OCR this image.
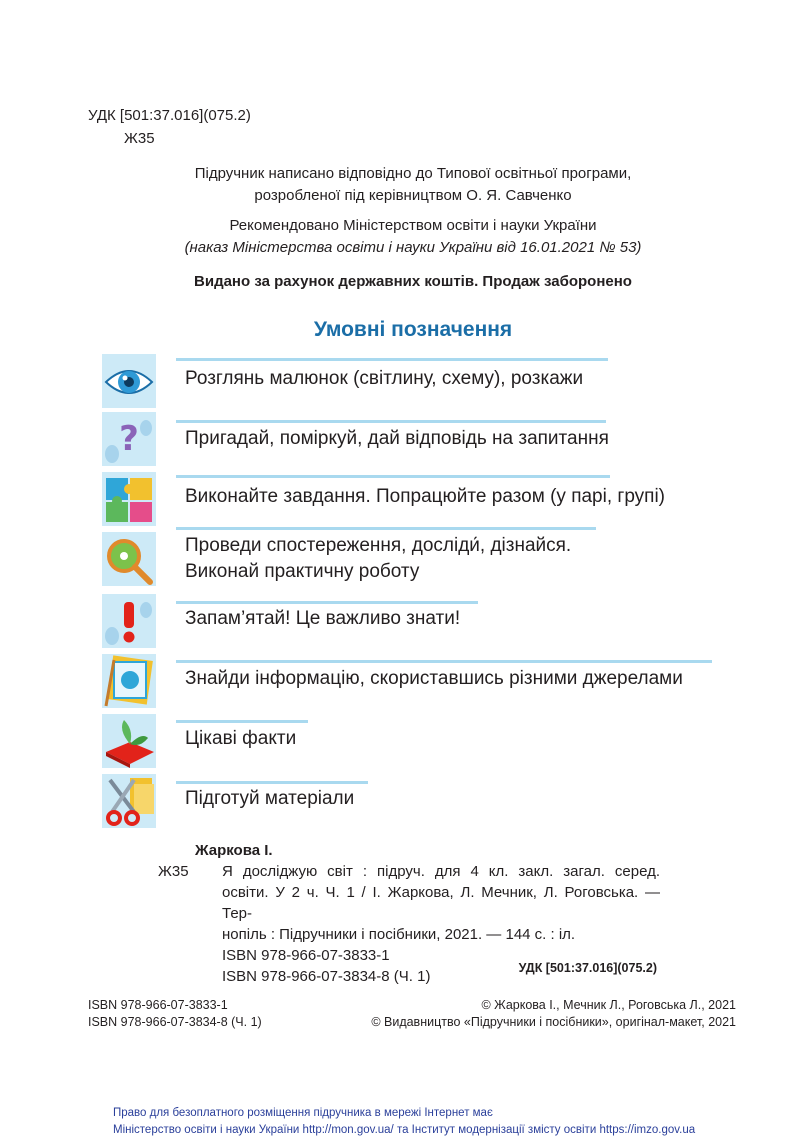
УДК [501:37.016](075.2)
Ж35
Підручник написано відповідно до Типової освітньої програми,
розробленої під керівництвом О. Я. Савченко
Рекомендовано Міністерством освіти і науки України
(наказ Міністерства освіти і науки України від 16.01.2021 № 53)
Видано за рахунок державних коштів. Продаж заборонено
Умовні позначення
Розглянь малюнок (світлину, схему), розкажи
? Пригадай, поміркуй, дай відповідь на запитання
Виконайте завдання. Попрацюйте разом (у парі, групі)
Проведи спостереження, досліди́, дізнайся.
Виконай практичну роботу
Запам’ятай! Це важливо знати!
Знайди інформацію, скориставшись різними джерелами
Цікаві факти
Підготуй матеріали
Жаркова І.
Ж35 Я досліджую світ : підруч. для 4 кл. закл. загал. серед.
освіти. У 2 ч. Ч. 1 / І. Жаркова, Л. Мечник, Л. Роговська. — Тер-
нопіль : Підручники і посібники, 2021. — 144 с. : іл.
ISBN 978-966-07-3833-1
ISBN 978-966-07-3834-8 (Ч. 1)	УДК [501:37.016](075.2)
ISBN 978-966-07-3833-1
ISBN 978-966-07-3834-8 (Ч. 1)
© Жаркова І., Мечник Л., Роговська Л., 2021
© Видавництво «Підручники і посібники», оригінал-макет, 2021
Право для безоплатного розміщення підручника в мережі Інтернет має
Міністерство освіти і науки України http://mon.gov.ua/ та Інститут модернізації змісту освіти https://imzo.gov.ua
